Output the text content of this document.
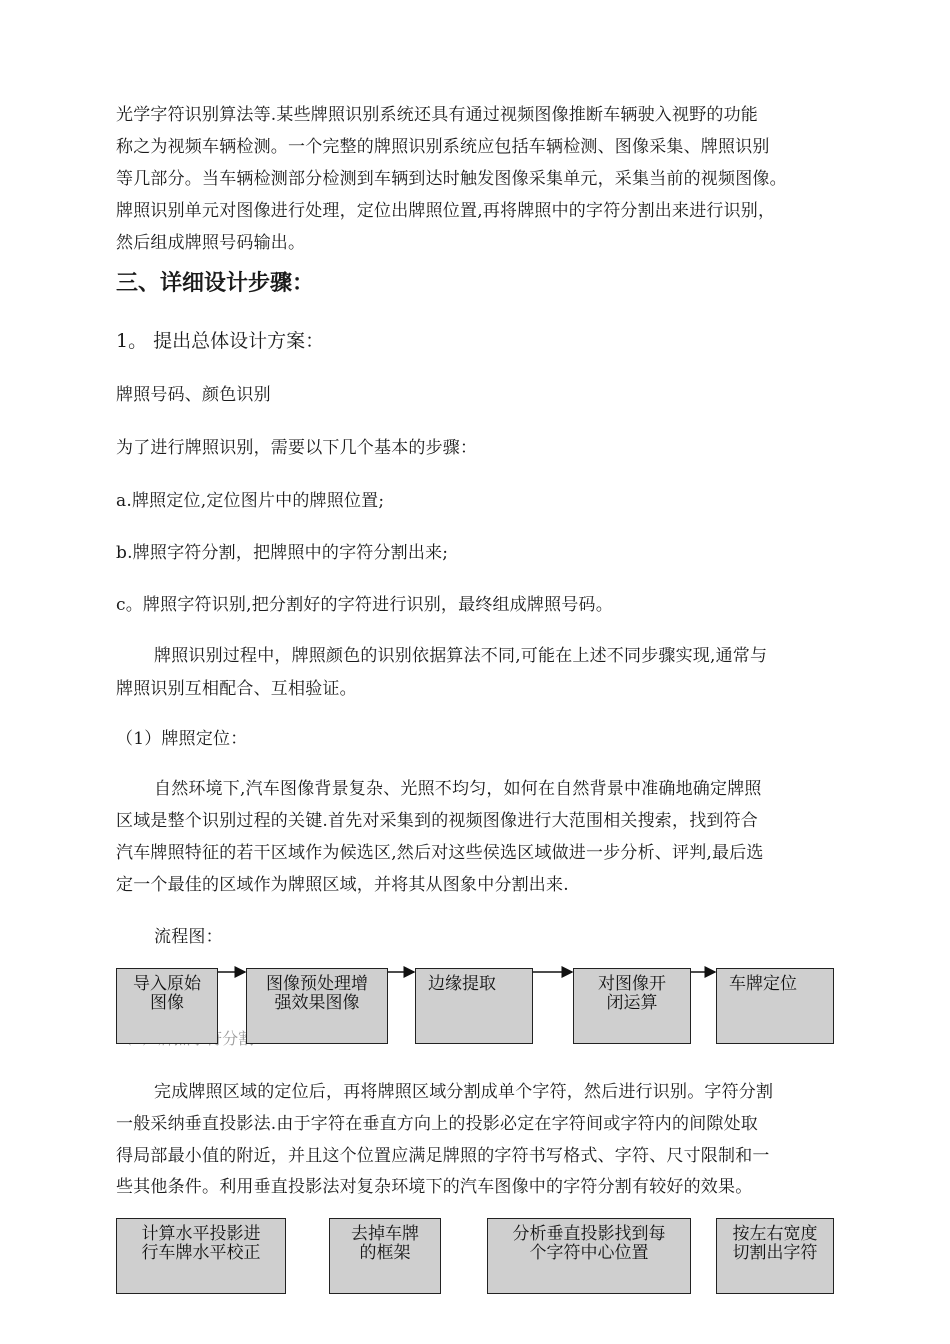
光学字符识别算法等.某些牌照识别系统还具有通过视频图像推断车辆驶入视野的功能
称之为视频车辆检测。一个完整的牌照识别系统应包括车辆检测、图像采集、牌照识别
等几部分。当车辆检测部分检测到车辆到达时触发图像采集单元，采集当前的视频图像。
牌照识别单元对图像进行处理，定位出牌照位置,再将牌照中的字符分割出来进行识别，
然后组成牌照号码输出。
三、详细设计步骤：
1。 提出总体设计方案：
牌照号码、颜色识别
为了进行牌照识别，需要以下几个基本的步骤：
a.牌照定位,定位图片中的牌照位置;
b.牌照字符分割，把牌照中的字符分割出来;
c。牌照字符识别,把分割好的字符进行识别，最终组成牌照号码。
牌照识别过程中，牌照颜色的识别依据算法不同,可能在上述不同步骤实现,通常与
牌照识别互相配合、互相验证。
（1）牌照定位：
自然环境下,汽车图像背景复杂、光照不均匀，如何在自然背景中准确地确定牌照
区域是整个识别过程的关键.首先对采集到的视频图像进行大范围相关搜索，找到符合
汽车牌照特征的若干区域作为候选区,然后对这些侯选区域做进一步分析、评判,最后选
定一个最佳的区域作为牌照区域，并将其从图象中分割出来.
流程图：
导入原始
图像
图像预处理增
强效果图像
边缘提取	对图像开
闭运算
车牌定位
完成牌照区域的定位后，再将牌照区域分割成单个字符，然后进行识别。字符分割
一般采纳垂直投影法.由于字符在垂直方向上的投影必定在字符间或字符内的间隙处取
得局部最小值的附近，并且这个位置应满足牌照的字符书写格式、字符、尺寸限制和一
些其他条件。利用垂直投影法对复杂环境下的汽车图像中的字符分割有较好的效果。
计算水平投影进
行车牌水平校正
去掉车牌
的框架
分析垂直投影找到每
个字符中心位置
按左右宽度
切割出字符
